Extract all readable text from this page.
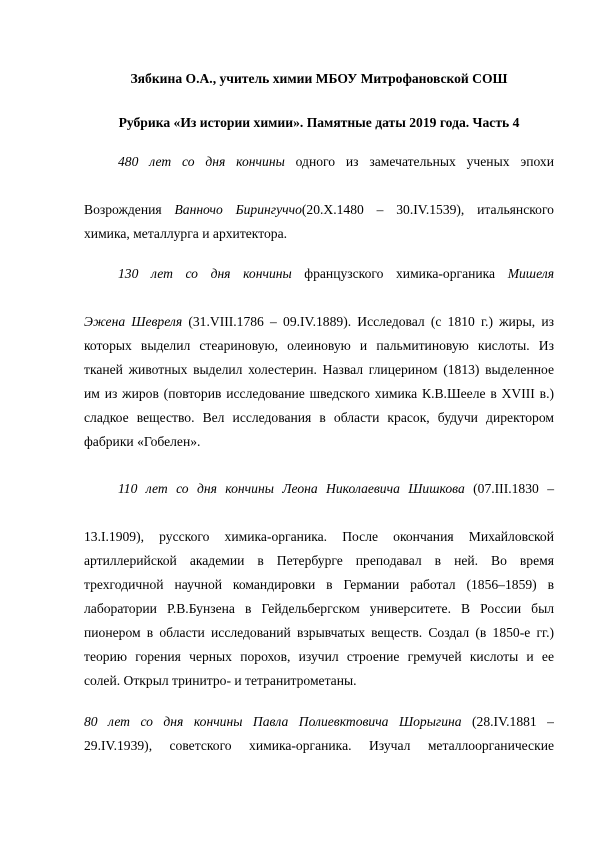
Зябкина О.А., учитель химии МБОУ Митрофановской СОШ
Рубрика «Из истории химии». Памятные даты 2019 года. Часть 4
480 лет со дня кончины одного из замечательных ученых эпохи
Возрождения Ванночо Бирингуччо(20.X.1480 – 30.IV.1539), итальянского
химика, металлурга и архитектора.
130 лет со дня кончины французского химика-органика Мишеля
Эжена Шевреля (31.VIII.1786 – 09.IV.1889). Исследовал (с 1810 г.) жиры, из
которых выделил стеариновую, олеиновую и пальмитиновую кислоты. Из
тканей животных выделил холестерин. Назвал глицерином (1813) выделенное
им из жиров (повторив исследование шведского химика К.В.Шееле в XVIII в.)
сладкое вещество. Вел исследования в области красок, будучи директором
фабрики «Гобелен».
110 лет со дня кончины Леона Николаевича Шишкова (07.III.1830 –
13.I.1909), русского химика-органика. После окончания Михайловской
артиллерийской академии в Петербурге преподавал в ней. Во время
трехгодичной научной командировки в Германии работал (1856–1859) в
лаборатории Р.В.Бунзена в Гейдельбергском университете. В России был
пионером в области исследований взрывчатых веществ. Создал (в 1850-е гг.)
теорию горения черных порохов, изучил строение гремучей кислоты и ее
солей. Открыл тринитро- и тетранитрометаны.
80 лет со дня кончины Павла Полиевктовича Шорыгина (28.IV.1881 –
29.IV.1939), советского химика-органика. Изучал металлоорганические
